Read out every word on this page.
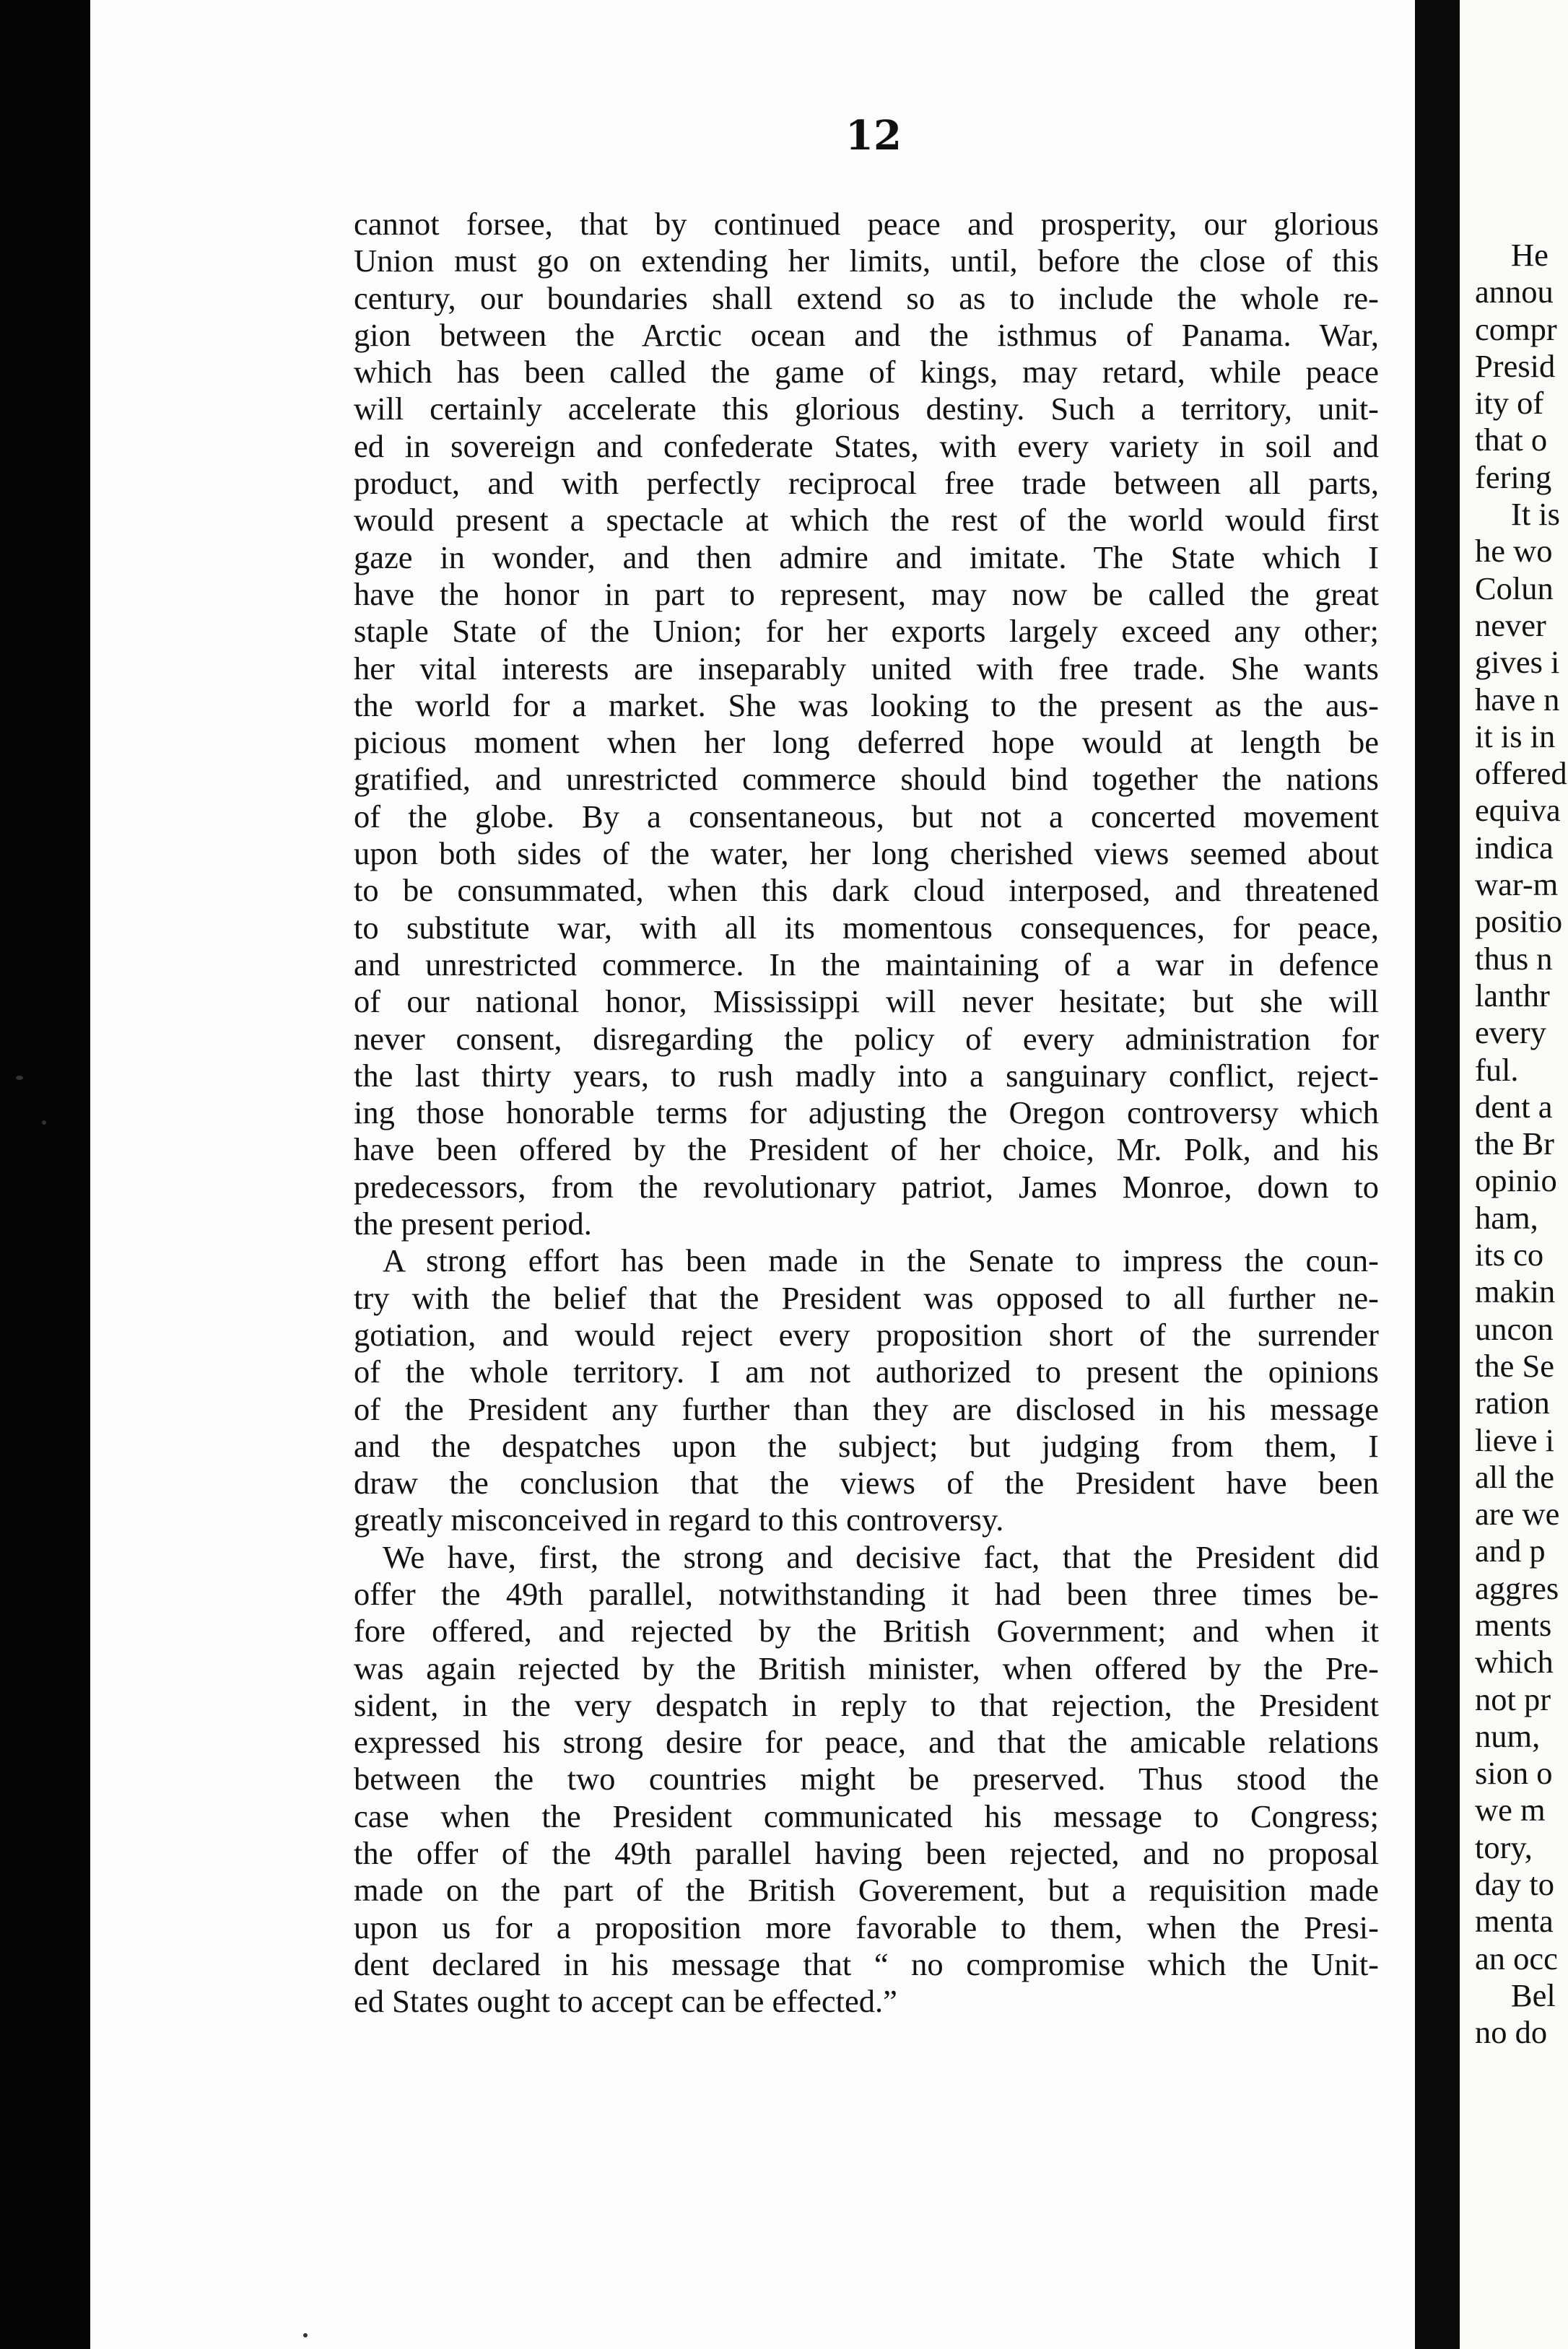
12
cannot forsee, that by continued peace and prosperity, our glorious
Union must go on extending her limits, until, before the close of this
century, our boundaries shall extend so as to include the whole re-
gion between the Arctic ocean and the isthmus of Panama. War,
which has been called the game of kings, may retard, while peace
will certainly accelerate this glorious destiny. Such a territory, unit-
ed in sovereign and confederate States, with every variety in soil and
product, and with perfectly reciprocal free trade between all parts,
would present a spectacle at which the rest of the world would first
gaze in wonder, and then admire and imitate. The State which I
have the honor in part to represent, may now be called the great
staple State of the Union; for her exports largely exceed any other;
her vital interests are inseparably united with free trade. She wants
the world for a market. She was looking to the present as the aus-
picious moment when her long deferred hope would at length be
gratified, and unrestricted commerce should bind together the nations
of the globe. By a consentaneous, but not a concerted movement
upon both sides of the water, her long cherished views seemed about
to be consummated, when this dark cloud interposed, and threatened
to substitute war, with all its momentous consequences, for peace,
and unrestricted commerce. In the maintaining of a war in defence
of our national honor, Mississippi will never hesitate; but she will
never consent, disregarding the policy of every administration for
the last thirty years, to rush madly into a sanguinary conflict, reject-
ing those honorable terms for adjusting the Oregon controversy which
have been offered by the President of her choice, Mr. Polk, and his
predecessors, from the revolutionary patriot, James Monroe, down to
the present period.
A strong effort has been made in the Senate to impress the coun-
try with the belief that the President was opposed to all further ne-
gotiation, and would reject every proposition short of the surrender
of the whole territory. I am not authorized to present the opinions
of the President any further than they are disclosed in his message
and the despatches upon the subject; but judging from them, I
draw the conclusion that the views of the President have been
greatly misconceived in regard to this controversy.
We have, first, the strong and decisive fact, that the President did
offer the 49th parallel, notwithstanding it had been three times be-
fore offered, and rejected by the British Government; and when it
was again rejected by the British minister, when offered by the Pre-
sident, in the very despatch in reply to that rejection, the President
expressed his strong desire for peace, and that the amicable relations
between the two countries might be preserved. Thus stood the
case when the President communicated his message to Congress;
the offer of the 49th parallel having been rejected, and no proposal
made on the part of the British Goverement, but a requisition made
upon us for a proposition more favorable to them, when the Presi-
dent declared in his message that “ no compromise which the Unit-
ed States ought to accept can be effected.”
He
annou
compr
Presid
ity of
that o
fering
It is
he wo
Colun
never
gives i
have n
it is in
offered
equiva
indica
war-m
positio
thus n
lanthr
every
ful.
dent a
the Br
opinio
ham,
its co
makin
uncon
the Se
ration
lieve i
all the
are we
and p
aggres
ments
which
not pr
num,
sion o
we m
tory,
day to
menta
an occ
Bel
no do
